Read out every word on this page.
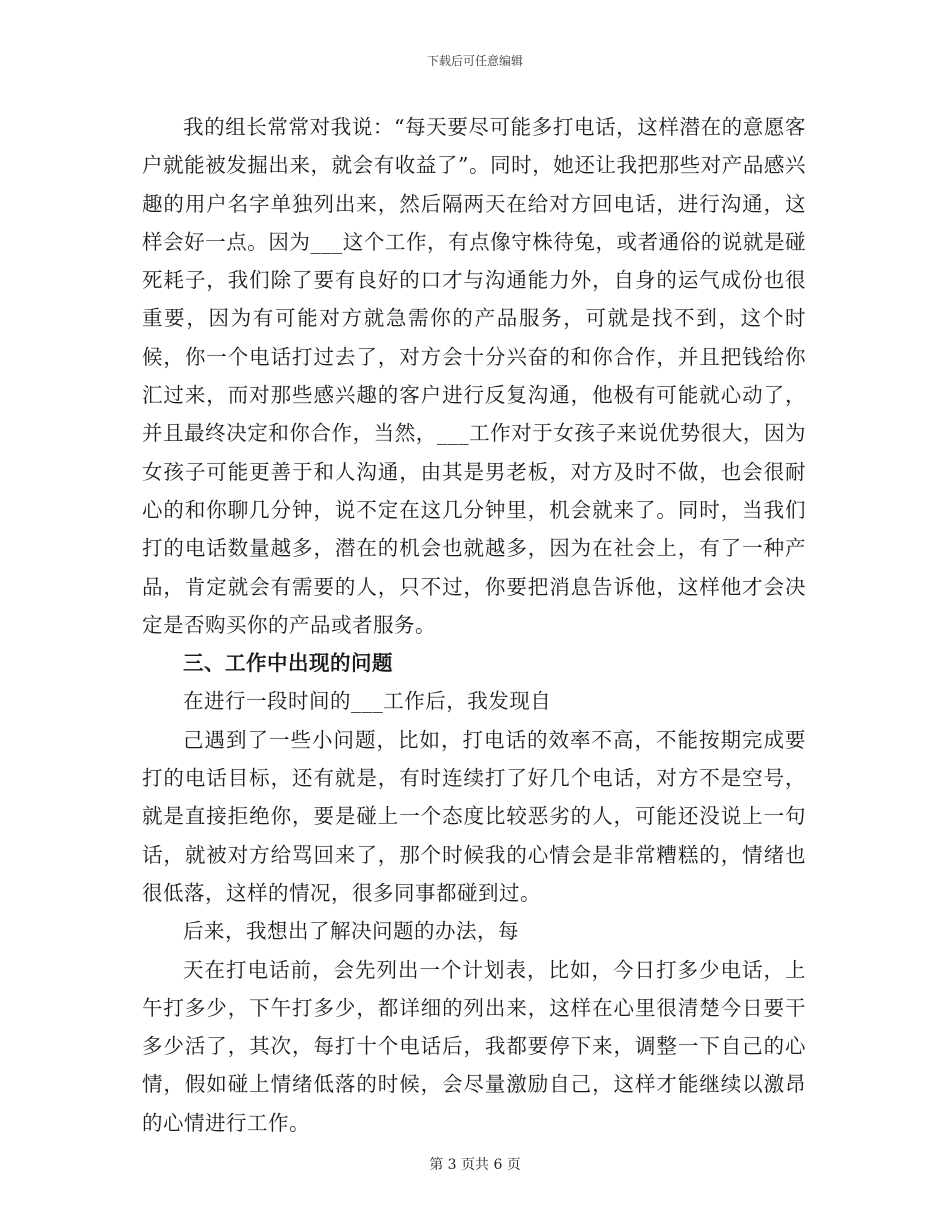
下载后可任意编辑

我的组长常常对我说：“每天要尽可能多打电话，这样潜在的意愿客户就能被发掘出来，就会有收益了”。同时，她还让我把那些对产品感兴趣的用户名字单独列出来，然后隔两天在给对方回电话，进行沟通，这样会好一点。因为___这个工作，有点像守株待兔，或者通俗的说就是碰死耗子，我们除了要有良好的口才与沟通能力外，自身的运气成份也很重要，因为有可能对方就急需你的产品服务，可就是找不到，这个时候，你一个电话打过去了，对方会十分兴奋的和你合作，并且把钱给你汇过来，而对那些感兴趣的客户进行反复沟通，他极有可能就心动了，并且最终决定和你合作，当然，___工作对于女孩子来说优势很大，因为女孩子可能更善于和人沟通，由其是男老板，对方及时不做，也会很耐心的和你聊几分钟，说不定在这几分钟里，机会就来了。同时，当我们打的电话数量越多，潜在的机会也就越多，因为在社会上，有了一种产品，肯定就会有需要的人，只不过，你要把消息告诉他，这样他才会决定是否购买你的产品或者服务。

三、工作中出现的问题

在进行一段时间的___工作后，我发现自

己遇到了一些小问题，比如，打电话的效率不高，不能按期完成要打的电话目标，还有就是，有时连续打了好几个电话，对方不是空号，就是直接拒绝你，要是碰上一个态度比较恶劣的人，可能还没说上一句话，就被对方给骂回来了，那个时候我的心情会是非常糟糕的，情绪也很低落，这样的情况，很多同事都碰到过。

后来，我想出了解决问题的办法，每

天在打电话前，会先列出一个计划表，比如，今日打多少电话，上午打多少，下午打多少，都详细的列出来，这样在心里很清楚今日要干多少活了，其次，每打十个电话后，我都要停下来，调整一下自己的心情，假如碰上情绪低落的时候，会尽量激励自己，这样才能继续以激昂的心情进行工作。

第 3 页共 6 页
